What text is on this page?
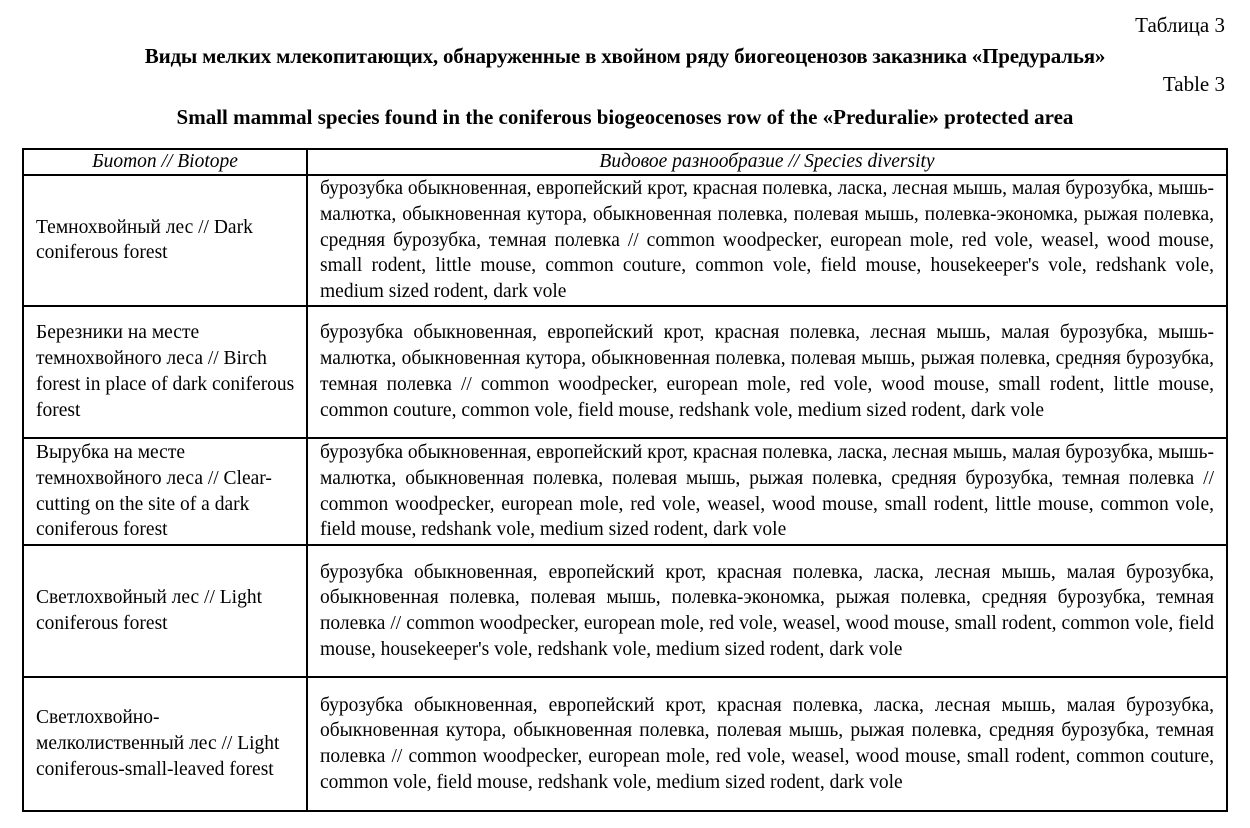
Таблица 3
Виды мелких млекопитающих, обнаруженные в хвойном ряду биогеоценозов заказника «Предуралья»
Table 3
Small mammal species found in the coniferous biogeocenoses row of the «Preduralie» protected area
Биотоп // Biotope	Видовое разнообразие // Species diversity
Темнохвойный лес // Dark coniferous forest	бурозубка обыкновенная, европейский крот, красная полевка, ласка, лесная мышь, малая бурозубка, мышь-малютка, обыкновенная кутора, обыкновенная полевка, полевая мышь, полевка-экономка, рыжая полевка, средняя бурозубка, темная полевка // common woodpecker, european mole, red vole, weasel, wood mouse, small rodent, little mouse, common couture, common vole, field mouse, housekeeper's vole, redshank vole, medium sized rodent, dark vole
Березники на месте темнохвойного леса // Birch forest in place of dark coniferous forest	бурозубка обыкновенная, европейский крот, красная полевка, лесная мышь, малая бурозубка, мышь-малютка, обыкновенная кутора, обыкновенная полевка, полевая мышь, рыжая полевка, средняя бурозубка, темная полевка // common woodpecker, european mole, red vole, wood mouse, small rodent, little mouse, common couture, common vole, field mouse, redshank vole, medium sized rodent, dark vole
Вырубка на месте темнохвойного леса // Clear-cutting on the site of a dark coniferous forest	бурозубка обыкновенная, европейский крот, красная полевка, ласка, лесная мышь, малая бурозубка, мышь-малютка, обыкновенная полевка, полевая мышь, рыжая полевка, средняя бурозубка, темная полевка // common woodpecker, european mole, red vole, weasel, wood mouse, small rodent, little mouse, common vole, field mouse, redshank vole, medium sized rodent, dark vole
Светлохвойный лес // Light coniferous forest	бурозубка обыкновенная, европейский крот, красная полевка, ласка, лесная мышь, малая бурозубка, обыкновенная полевка, полевая мышь, полевка-экономка, рыжая полевка, средняя бурозубка, темная полевка // common woodpecker, european mole, red vole, weasel, wood mouse, small rodent, common vole, field mouse, housekeeper's vole, redshank vole, medium sized rodent, dark vole
Светлохвойно-мелколиственный лес // Light coniferous-small-leaved forest	бурозубка обыкновенная, европейский крот, красная полевка, ласка, лесная мышь, малая бурозубка, обыкновенная кутора, обыкновенная полевка, полевая мышь, рыжая полевка, средняя бурозубка, темная полевка // common woodpecker, european mole, red vole, weasel, wood mouse, small rodent, common couture, common vole, field mouse, redshank vole, medium sized rodent, dark vole
